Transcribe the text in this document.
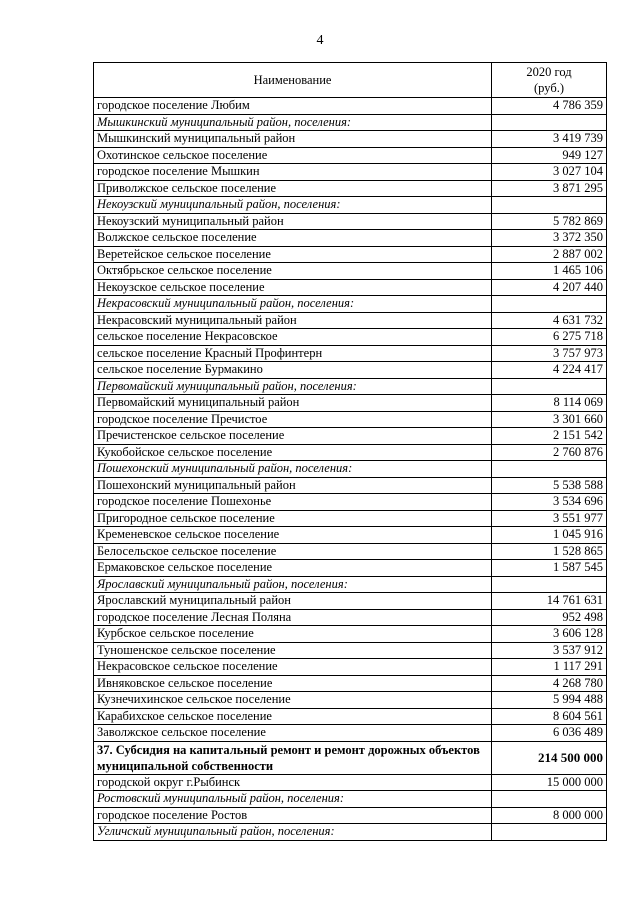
4
Наименование	2020 год
(руб.)

городское поселение Любим	4 786 359
Мышкинский муниципальный район, поселения:	
Мышкинский муниципальный район	3 419 739
Охотинское сельское поселение	949 127
городское поселение Мышкин	3 027 104
Приволжское сельское поселение	3 871 295
Некоузский муниципальный район, поселения:	
Некоузский муниципальный район	5 782 869
Волжское сельское поселение	3 372 350
Веретейское сельское поселение	2 887 002
Октябрьское сельское поселение	1 465 106
Некоузское сельское поселение	4 207 440
Некрасовский муниципальный район, поселения:	
Некрасовский муниципальный район	4 631 732
сельское поселение Некрасовское	6 275 718
сельское поселение Красный Профинтерн	3 757 973
сельское поселение Бурмакино	4 224 417
Первомайский муниципальный район, поселения:	
Первомайский муниципальный район	8 114 069
городское поселение Пречистое	3 301 660
Пречистенское сельское поселение	2 151 542
Кукобойское сельское поселение	2 760 876
Пошехонский муниципальный район, поселения:	
Пошехонский муниципальный район	5 538 588
городское поселение Пошехонье	3 534 696
Пригородное сельское поселение	3 551 977
Кременевское сельское поселение	1 045 916
Белосельское сельское поселение	1 528 865
Ермаковское сельское поселение	1 587 545
Ярославский муниципальный район, поселения:	
Ярославский муниципальный район	14 761 631
городское поселение Лесная Поляна	952 498
Курбское сельское поселение	3 606 128
Туношенское сельское поселение	3 537 912
Некрасовское сельское поселение	1 117 291
Ивняковское сельское поселение	4 268 780
Кузнечихинское сельское поселение	5 994 488
Карабихское сельское поселение	8 604 561
Заволжское сельское поселение	6 036 489
37. Субсидия на капитальный ремонт и ремонт дорожных объектов муниципальной собственности	214 500 000
городской округ г.Рыбинск	15 000 000
Ростовский муниципальный район, поселения:	
городское поселение Ростов	8 000 000
Угличский муниципальный район, поселения:	
